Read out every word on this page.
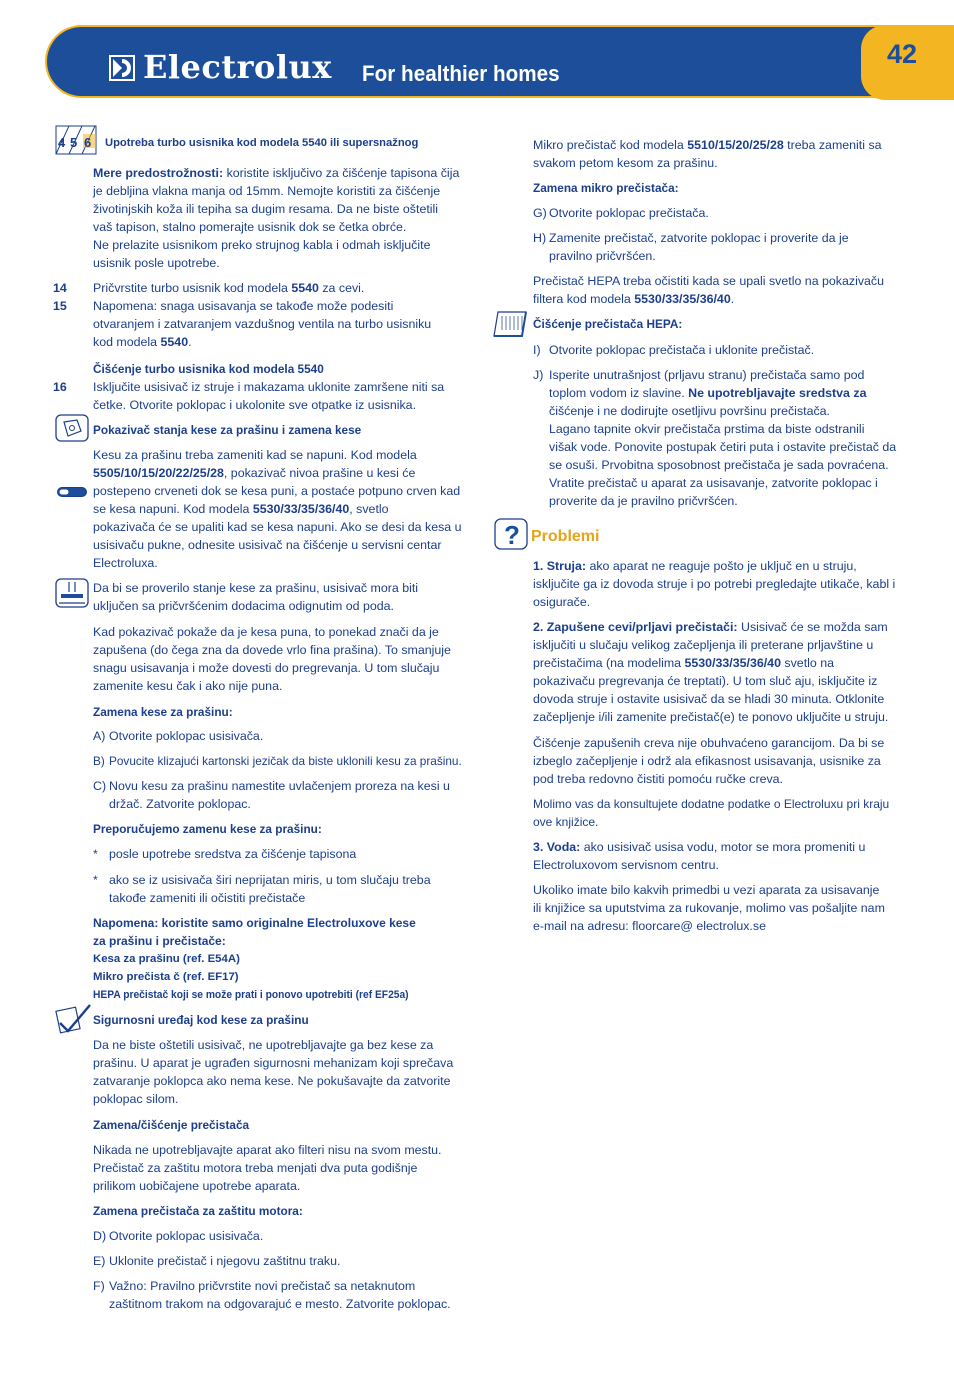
Electrolux For healthier homes
42
Upotreba turbo usisnika kod modela 5540 ili supersnažnog
Mere predostrožnosti: koristite isključivo za čišćenje tapisona čija
je debljina vlakna manja od 15mm. Nemojte koristiti za čišćenje
životinjskih koža ili tepiha sa dugim resama. Da ne biste oštetili
vaš tapison, stalno pomerajte usisnik dok se četka obrće.
Ne prelazite usisnikom preko strujnog kabla i odmah isključite
usisnik posle upotrebe.
14 Pričvrstite turbo usisnik kod modela 5540 za cevi.
15 Napomena: snaga usisavanja se takođe može podesiti
otvaranjem i zatvaranjem vazdušnog ventila na turbo usisniku
kod modela 5540.
Čišćenje turbo usisnika kod modela 5540
16 Isključite usisivač iz struje i makazama uklonite zamršene niti sa
četke. Otvorite poklopac i ukolonite sve otpatke iz usisnika.
Pokazivač stanja kese za prašinu i zamena kese
Kesu za prašinu treba zameniti kad se napuni. Kod modela
5505/10/15/20/22/25/28, pokazivač nivoa prašine u kesi će
postepeno crveneti dok se kesa puni, a postaće potpuno crven kad
se kesa napuni. Kod modela 5530/33/35/36/40, svetlo
pokazivača će se upaliti kad se kesa napuni. Ako se desi da kesa u
usisivaču pukne, odnesite usisivač na čišćenje u servisni centar
Electroluxa.
Da bi se proverilo stanje kese za prašinu, usisivač mora biti
uključen sa pričvršćenim dodacima odignutim od poda.
Kad pokazivač pokaže da je kesa puna, to ponekad znači da je
zapušena (do čega zna da dovede vrlo fina prašina). To smanjuje
snagu usisavanja i može dovesti do pregrevanja. U tom slučaju
zamenite kesu čak i ako nije puna.
Zamena kese za prašinu:
A) Otvorite poklopac usisivača.
B) Povucite klizajući kartonski jezičak da biste uklonili kesu za prašinu.
C) Novu kesu za prašinu namestite uvlačenjem proreza na kesi u
držač. Zatvorite poklopac.
Preporučujemo zamenu kese za prašinu:
* posle upotrebe sredstva za čišćenje tapisona
* ako se iz usisivača širi neprijatan miris, u tom slučaju treba
takođe zameniti ili očistiti prečistače
Napomena: koristite samo originalne Electroluxove kese
za prašinu i prečistače:
Kesa za prašinu (ref. E54A)
Mikro prečista č (ref. EF17)
HEPA prečistač koji se može prati i ponovo upotrebiti (ref EF25a)
Sigurnosni uređaj kod kese za prašinu
Da ne biste oštetili usisivač, ne upotrebljavajte ga bez kese za
prašinu. U aparat je ugrađen sigurnosni mehanizam koji sprečava
zatvaranje poklopca ako nema kese. Ne pokušavajte da zatvorite
poklopac silom.
Zamena/čišćenje prečistača
Nikada ne upotrebljavajte aparat ako filteri nisu na svom mestu.
Prečistač za zaštitu motora treba menjati dva puta godišnje
prilikom uobičajene upotrebe aparata.
Zamena prečistača za zaštitu motora:
D) Otvorite poklopac usisivača.
E) Uklonite prečistač i njegovu zaštitnu traku.
F) Važno: Pravilno pričvrstite novi prečistač sa netaknutom
zaštitnom trakom na odgovarajuć e mesto. Zatvorite poklopac.
Mikro prečistač kod modela 5510/15/20/25/28 treba zameniti sa
svakom petom kesom za prašinu.
Zamena mikro prečistača:
G) Otvorite poklopac prečistača.
H) Zamenite prečistač, zatvorite poklopac i proverite da je
pravilno pričvršćen.
Prečistač HEPA treba očistiti kada se upali svetlo na pokazivaču
filtera kod modela 5530/33/35/36/40.
Čišćenje prečistača HEPA:
I) Otvorite poklopac prečistača i uklonite prečistač.
J) Isperite unutrašnjost (prljavu stranu) prečistača samo pod
toplom vodom iz slavine. Ne upotrebljavajte sredstva za
čišćenje i ne dodirujte osetljivu površinu prečistača.
Lagano tapnite okvir prečistača prstima da biste odstranili
višak vode. Ponovite postupak četiri puta i ostavite prečistač da
se osuši. Prvobitna sposobnost prečistača je sada povraćena.
Vratite prečistač u aparat za usisavanje, zatvorite poklopac i
proverite da je pravilno pričvršćen.
1. Struja: ako aparat ne reaguje pošto je uključ en u struju,
isključite ga iz dovoda struje i po potrebi pregledajte utikače, kabl i
osigurače.
2. Zapušene cevi/prljavi prečistači: Usisivač će se možda sam
isključiti u slučaju velikog začepljenja ili preterane prljavštine u
prečistačima (na modelima 5530/33/35/36/40 svetlo na
pokazivaču pregrevanja će treptati). U tom sluč aju, isključite iz
dovoda struje i ostavite usisivač da se hladi 30 minuta. Otklonite
začepljenje i/ili zamenite prečistač(e) te ponovo uključite u struju.
Čišćenje zapušenih creva nije obuhvaćeno garancijom. Da bi se
izbeglo začepljenje i održ ala efikasnost usisavanja, usisnike za
pod treba redovno čistiti pomoću ručke creva.
Molimo vas da konsultujete dodatne podatke o Electroluxu pri kraju
ove knjižice.
3. Voda: ako usisivač usisa vodu, motor se mora promeniti u
Electroluxovom servisnom centru.
Ukoliko imate bilo kakvih primedbi u vezi aparata za usisavanje
ili knjižice sa uputstvima za rukovanje, molimo vas pošaljite nam
e-mail na adresu: floorcare@ electrolux.se
4 5 6
? Problemi
